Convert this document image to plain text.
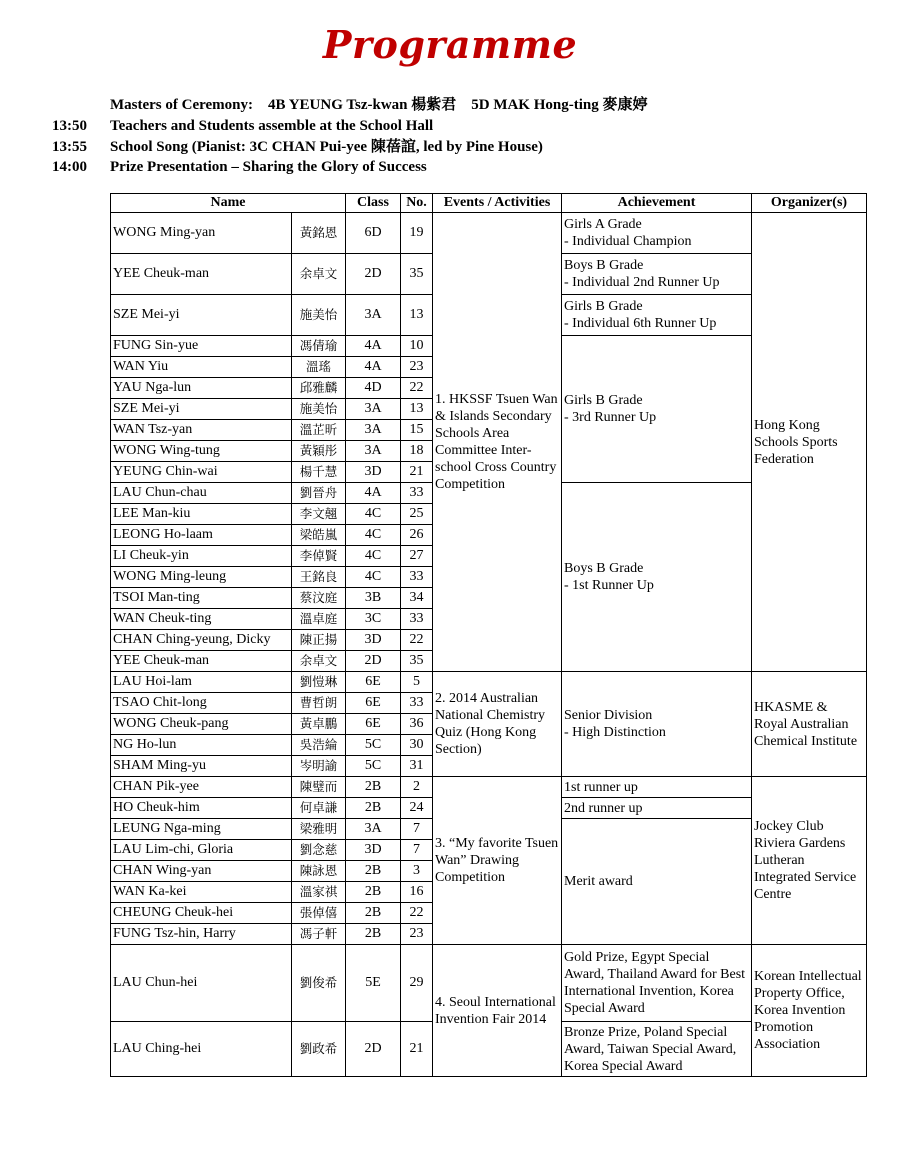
Programme
Masters of Ceremony:    4B YEUNG Tsz-kwan 楊紫君    5D MAK Hong-ting 麥康婷
13:50 Teachers and Students assemble at the School Hall
13:55 School Song (Pianist: 3C CHAN Pui-yee 陳蓓誼, led by Pine House)
14:00 Prize Presentation – Sharing the Glory of Success
Name		Class	No.	Events / Activities	Achievement	Organizer(s)
WONG Ming-yan	黃銘恩	6D	19	1. HKSSF Tsuen Wan & Islands Secondary Schools Area Committee Inter-school Cross Country Competition	Girls A Grade
- Individual Champion	Hong Kong Schools Sports Federation
YEE Cheuk-man	余卓文	2D	35		Boys B Grade
- Individual 2nd Runner Up	

SZE Mei-yi	施美怡	3A	13		Girls B Grade
- Individual 6th Runner Up	

FUNG Sin-yue	馮倩瑜	4A	10		Girls B Grade
- 3rd Runner Up	

WAN Yiu	溫瑤	4A	23			
YAU Nga-lun	邱雅麟	4D	22			
SZE Mei-yi	施美怡	3A	13			
WAN Tsz-yan	溫芷昕	3A	15			
WONG Wing-tung	黃穎彤	3A	18			
YEUNG Chin-wai	楊千慧	3D	21			
LAU Chun-chau	劉晉舟	4A	33		Boys B Grade
- 1st Runner Up	

LEE Man-kiu	李文翹	4C	25			
LEONG Ho-laam	梁皓嵐	4C	26			
LI Cheuk-yin	李倬賢	4C	27			
WONG Ming-leung	王銘良	4C	33			
TSOI Man-ting	蔡汶庭	3B	34			
WAN Cheuk-ting	溫卓庭	3C	33			
CHAN Ching-yeung, Dicky	陳正揚	3D	22			
YEE Cheuk-man	余卓文	2D	35			
LAU Hoi-lam	劉愷琳	6E	5	2. 2014 Australian National Chemistry Quiz (Hong Kong Section)	Senior Division
- High Distinction	HKASME & Royal Australian Chemical Institute
TSAO Chit-long	曹哲朗	6E	33			
WONG Cheuk-pang	黃卓鵬	6E	36			
NG Ho-lun	吳浩綸	5C	30			
SHAM Ming-yu	岑明諭	5C	31			
CHAN Pik-yee	陳璧而	2B	2	3. “My favorite Tsuen Wan” Drawing Competition	1st runner up	Jockey Club Riviera Gardens Lutheran Integrated Service Centre
HO Cheuk-him	何卓謙	2B	24		2nd runner up	

LEUNG Nga-ming	梁雅明	3A	7		Merit award	

LAU Lim-chi, Gloria	劉念慈	3D	7			
CHAN Wing-yan	陳詠恩	2B	3			
WAN Ka-kei	溫家祺	2B	16			
CHEUNG Cheuk-hei	張倬僖	2B	22			
FUNG Tsz-hin, Harry	馮子軒	2B	23			
LAU Chun-hei	劉俊希	5E	29	4. Seoul International Invention Fair 2014	Gold Prize, Egypt Special Award, Thailand Award for Best International Invention, Korea Special Award	Korean Intellectual Property Office, Korea Invention Promotion Association
LAU Ching-hei	劉政希	2D	21		Bronze Prize, Poland Special Award, Taiwan Special Award, Korea Special Award	
